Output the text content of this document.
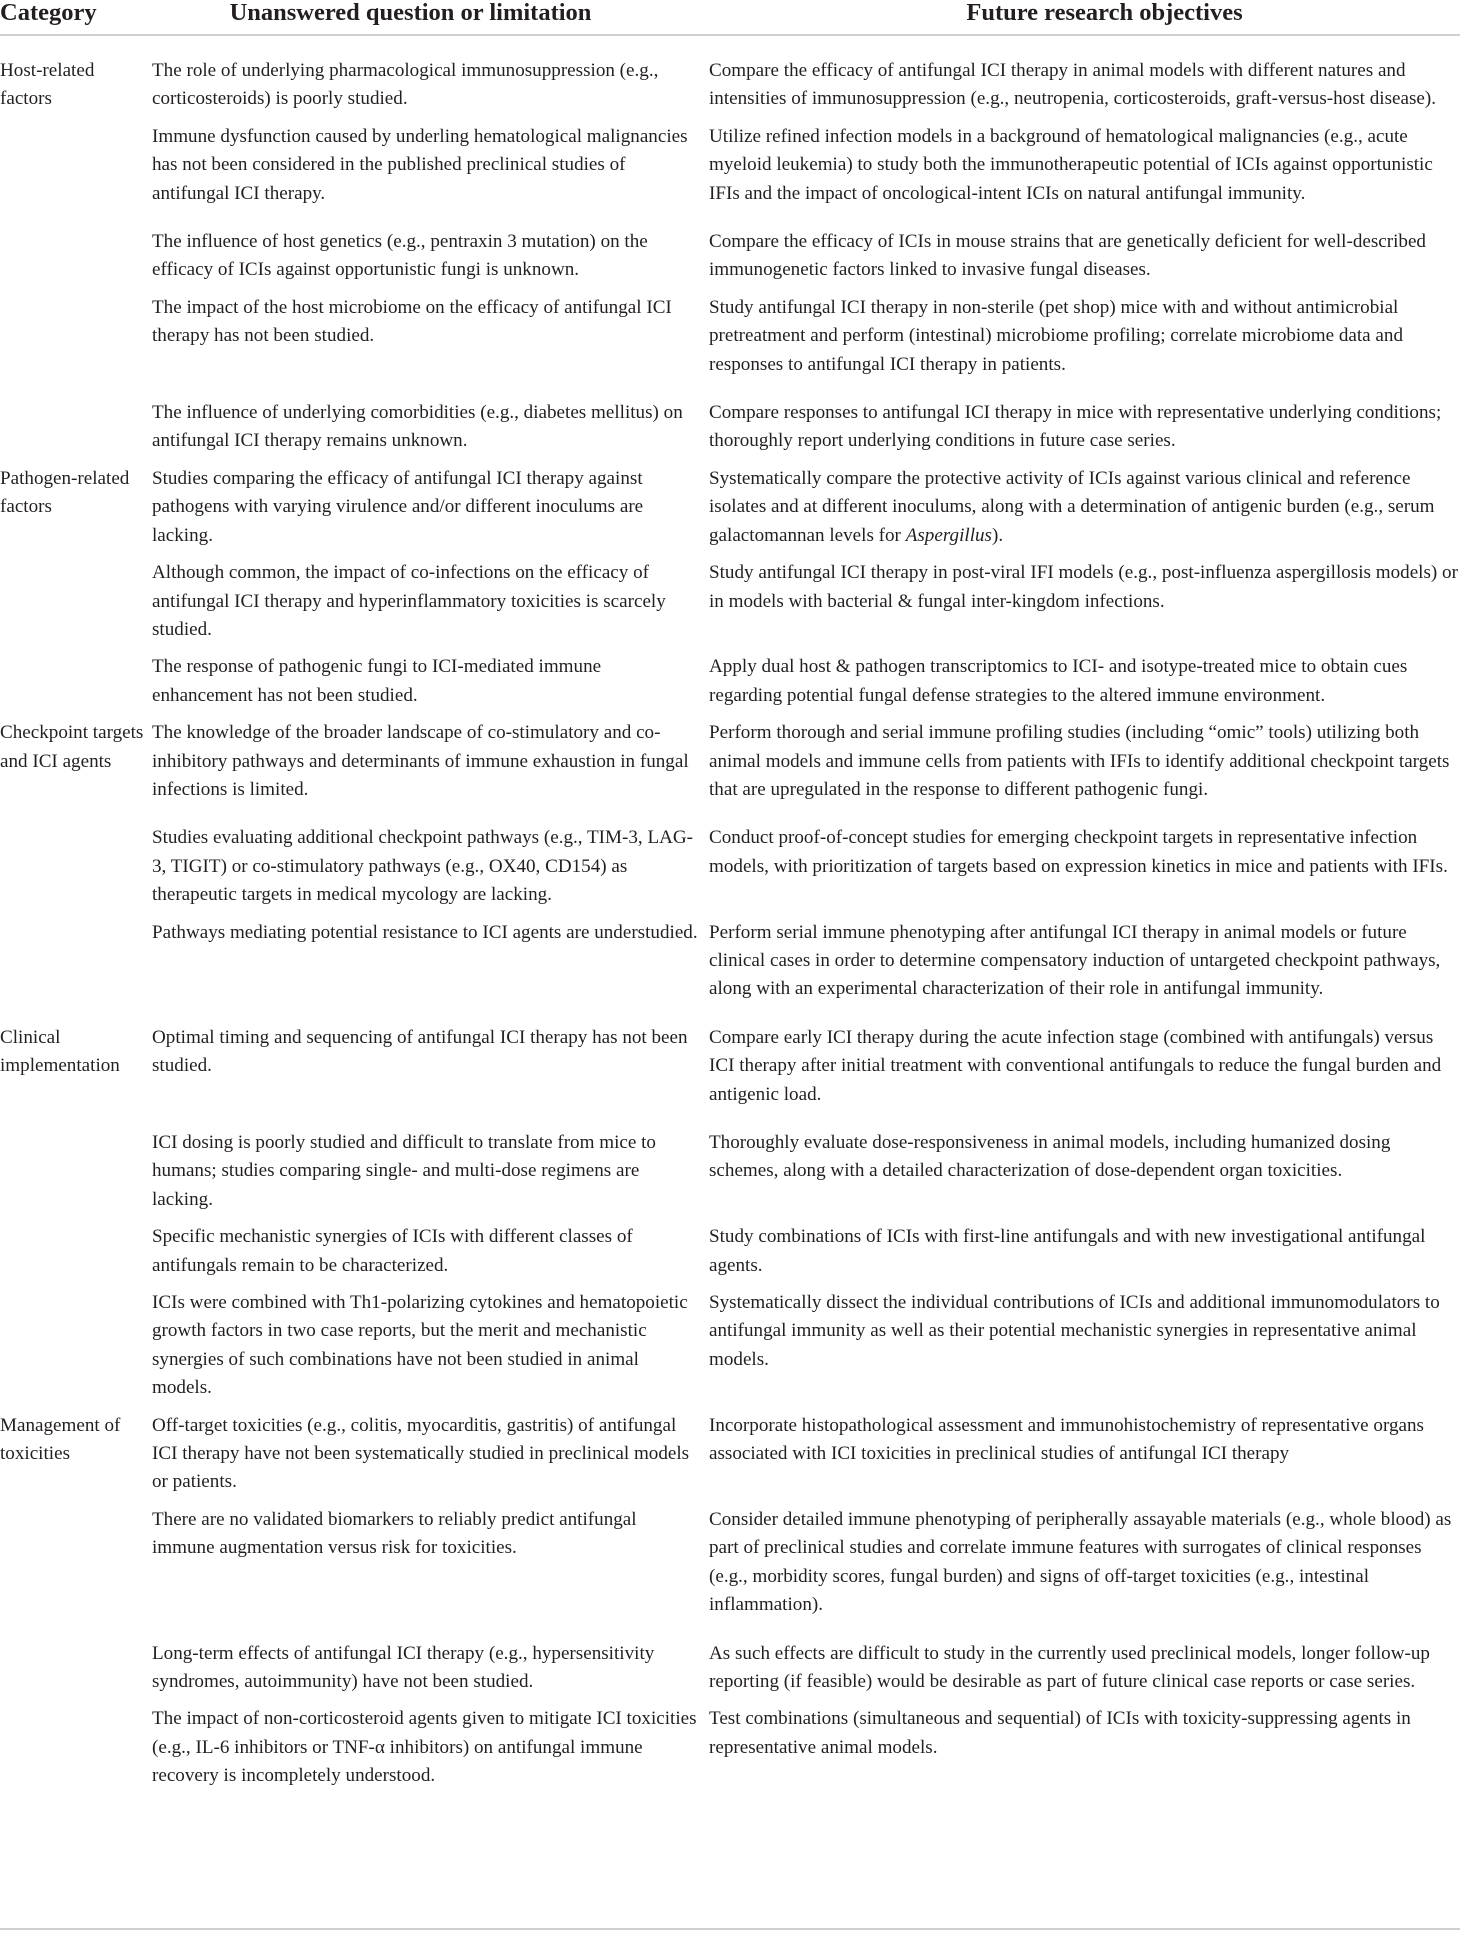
Category	Unanswered question or limitation	Future research objectives
Host-related factors	The role of underlying pharmacological immunosuppression (e.g., corticosteroids) is poorly studied.	Compare the efficacy of antifungal ICI therapy in animal models with different natures and intensities of immunosuppression (e.g., neutropenia, corticosteroids, graft-versus-host disease).
	Immune dysfunction caused by underling hematological malignancies has not been considered in the published preclinical studies of antifungal ICI therapy.	Utilize refined infection models in a background of hematological malignancies (e.g., acute myeloid leukemia) to study both the immunotherapeutic potential of ICIs against opportunistic IFIs and the impact of oncological-intent ICIs on natural antifungal immunity.
	The influence of host genetics (e.g., pentraxin 3 mutation) on the efficacy of ICIs against opportunistic fungi is unknown.	Compare the efficacy of ICIs in mouse strains that are genetically deficient for well-described immunogenetic factors linked to invasive fungal diseases.
	The impact of the host microbiome on the efficacy of antifungal ICI therapy has not been studied.	Study antifungal ICI therapy in non-sterile (pet shop) mice with and without antimicrobial pretreatment and perform (intestinal) microbiome profiling; correlate microbiome data and responses to antifungal ICI therapy in patients.
	The influence of underlying comorbidities (e.g., diabetes mellitus) on antifungal ICI therapy remains unknown.	Compare responses to antifungal ICI therapy in mice with representative underlying conditions; thoroughly report underlying conditions in future case series.
Pathogen-related factors	Studies comparing the efficacy of antifungal ICI therapy against pathogens with varying virulence and/or different inoculums are lacking.	Systematically compare the protective activity of ICIs against various clinical and reference isolates and at different inoculums, along with a determination of antigenic burden (e.g., serum galactomannan levels for Aspergillus).
	Although common, the impact of co-infections on the efficacy of antifungal ICI therapy and hyperinflammatory toxicities is scarcely studied.	Study antifungal ICI therapy in post-viral IFI models (e.g., post-influenza aspergillosis models) or in models with bacterial & fungal inter-kingdom infections.
	The response of pathogenic fungi to ICI-mediated immune enhancement has not been studied.	Apply dual host & pathogen transcriptomics to ICI- and isotype-treated mice to obtain cues regarding potential fungal defense strategies to the altered immune environment.
Checkpoint targets and ICI agents	The knowledge of the broader landscape of co-stimulatory and co-inhibitory pathways and determinants of immune exhaustion in fungal infections is limited.	Perform thorough and serial immune profiling studies (including “omic” tools) utilizing both animal models and immune cells from patients with IFIs to identify additional checkpoint targets that are upregulated in the response to different pathogenic fungi.
	Studies evaluating additional checkpoint pathways (e.g., TIM-3, LAG-3, TIGIT) or co-stimulatory pathways (e.g., OX40, CD154) as therapeutic targets in medical mycology are lacking.	Conduct proof-of-concept studies for emerging checkpoint targets in representative infection models, with prioritization of targets based on expression kinetics in mice and patients with IFIs.
	Pathways mediating potential resistance to ICI agents are understudied.	Perform serial immune phenotyping after antifungal ICI therapy in animal models or future clinical cases in order to determine compensatory induction of untargeted checkpoint pathways, along with an experimental characterization of their role in antifungal immunity.
Clinical implementation	Optimal timing and sequencing of antifungal ICI therapy has not been studied.	Compare early ICI therapy during the acute infection stage (combined with antifungals) versus ICI therapy after initial treatment with conventional antifungals to reduce the fungal burden and antigenic load.
	ICI dosing is poorly studied and difficult to translate from mice to humans; studies comparing single- and multi-dose regimens are lacking.	Thoroughly evaluate dose-responsiveness in animal models, including humanized dosing schemes, along with a detailed characterization of dose-dependent organ toxicities.
	Specific mechanistic synergies of ICIs with different classes of antifungals remain to be characterized.	Study combinations of ICIs with first-line antifungals and with new investigational antifungal agents.
	ICIs were combined with Th1-polarizing cytokines and hematopoietic growth factors in two case reports, but the merit and mechanistic synergies of such combinations have not been studied in animal models.	Systematically dissect the individual contributions of ICIs and additional immunomodulators to antifungal immunity as well as their potential mechanistic synergies in representative animal models.
Management of toxicities	Off-target toxicities (e.g., colitis, myocarditis, gastritis) of antifungal ICI therapy have not been systematically studied in preclinical models or patients.	Incorporate histopathological assessment and immunohistochemistry of representative organs associated with ICI toxicities in preclinical studies of antifungal ICI therapy
	There are no validated biomarkers to reliably predict antifungal immune augmentation versus risk for toxicities.	Consider detailed immune phenotyping of peripherally assayable materials (e.g., whole blood) as part of preclinical studies and correlate immune features with surrogates of clinical responses (e.g., morbidity scores, fungal burden) and signs of off-target toxicities (e.g., intestinal inflammation).
	Long-term effects of antifungal ICI therapy (e.g., hypersensitivity syndromes, autoimmunity) have not been studied.	As such effects are difficult to study in the currently used preclinical models, longer follow-up reporting (if feasible) would be desirable as part of future clinical case reports or case series.
	The impact of non-corticosteroid agents given to mitigate ICI toxicities (e.g., IL-6 inhibitors or TNF-α inhibitors) on antifungal immune recovery is incompletely understood.	Test combinations (simultaneous and sequential) of ICIs with toxicity-suppressing agents in representative animal models.
